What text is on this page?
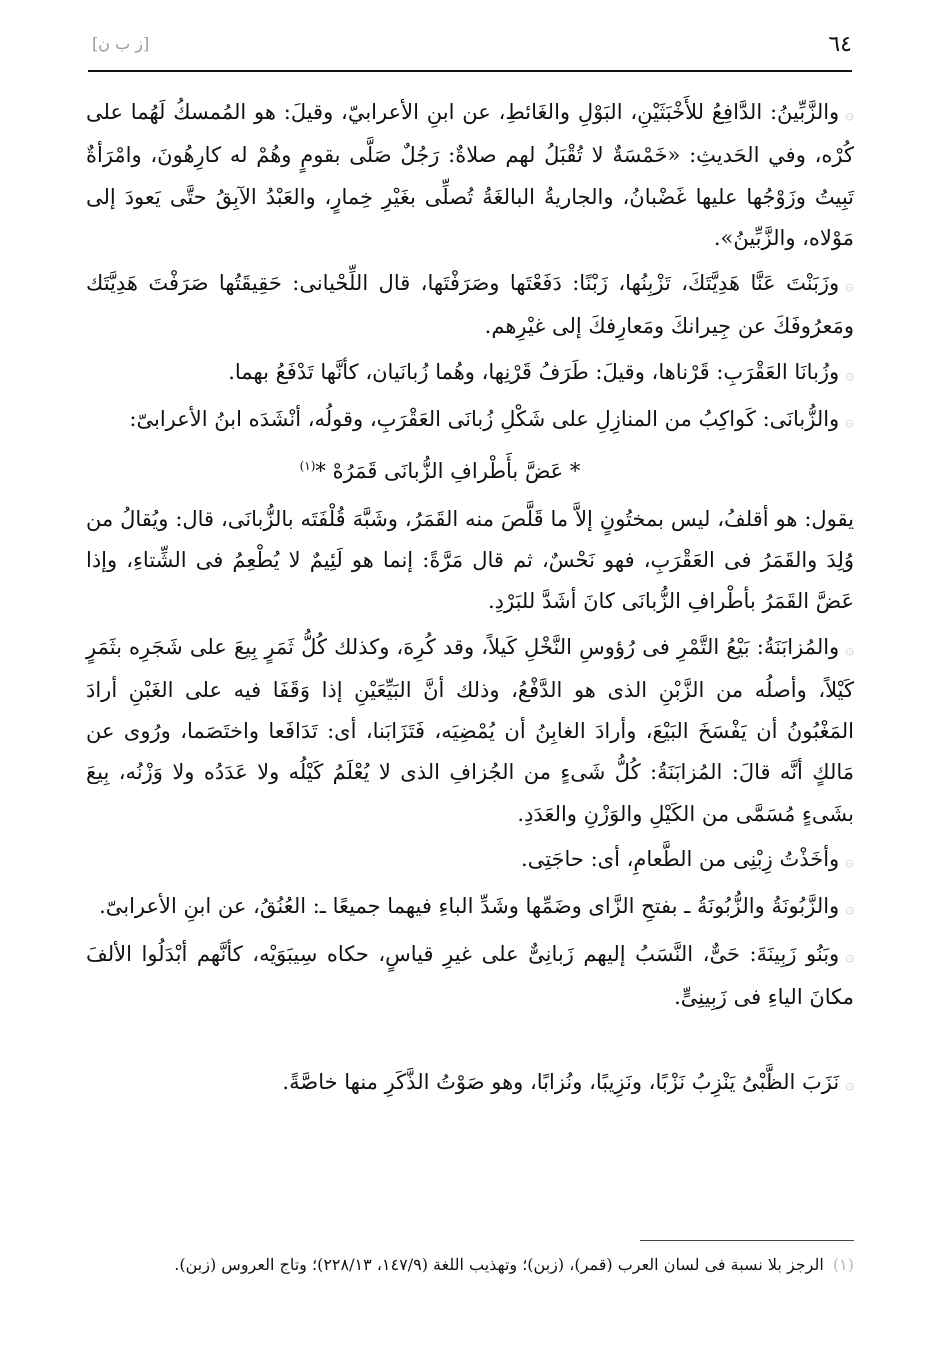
٦٤
[ز ب ن]

۞والزَّبِّينُ: الدَّافِعُ للأَخْبَثَيْنِ، البَوْلِ والغَائطِ، عن ابنِ الأعرابيّ، وقيلَ: هو المُمسكُ لَهُما على كُرْه، وفي الحَديثِ: «خَمْسَةٌ لا تُقْبَلُ لهم صلاةٌ: رَجُلٌ صَلَّى بقومٍ وهُمْ له كارِهُونَ، وامْرَأةٌ تَبِيتُ وزَوْجُها عليها غَضْبانُ، والجاريةُ البالغَةُ تُصلِّى بغَيْرِ خِمارٍ، والعَبْدُ الآبِقُ حتَّى يَعودَ إلى مَوْلاه، والزَّبِّينُ».

۞وزَبَنْتَ عَنَّا هَدِيَّتَكَ، تَزْبِنُها، زَبْنًا: دَفَعْتَها وصَرَفْتَها، قال اللِّحْيانى: حَقِيقَتُها صَرَفْتَ هَدِيَّتَك ومَعرُوفَكَ عن جِيرانكَ ومَعارِفكَ إلى غيْرِهم.

۞وزُبانَا العَقْرَبِ: قَرْناها، وقيلَ: طَرَفُ قَرْنِها، وهُما زُبانَيان، كأنَّها تَدْفَعُ بهما.

۞والزُّبانَى: كَواكِبُ من المنازِلِ على شَكْلِ زُبانَى العَقْرَبِ، وقولُه، أنْشَدَه ابنُ الأعرابىّ:

* عَضَّ بأَطْرافِ الزُّبانَى قَمَرُهْ *$^{(١)}$

يقول: هو أقلفُ، ليس بمختُونٍ إلاَّ ما قَلَّصَ منه القَمَرُ، وشَبَّهَ قُلْفَتَه بالزُّبانَى، قال: ويُقالُ من وُلِدَ والقَمَرُ فى العَقْرَبِ، فهو نَحْسٌ، ثم قال مَرَّةً: إنما هو لَئِيمٌ لا يُطْعِمُ فى الشِّتاءِ، وإذا عَضَّ القَمَرُ بأطْرافِ الزُّبانَى كانَ أشَدَّ للبَرْدِ.

۞والمُزابَنَةُ: بَيْعُ التَّمْرِ فى رُؤوسِ النَّخْلِ كَيلاً، وقد كُرِهَ، وكذلك كُلُّ ثَمَرٍ بِيعَ على شَجَرِه بثَمَرٍ كَيْلاً، وأصلُه من الزَّبْنِ الذى هو الدَّفْعُ، وذلك أنَّ البَيِّعَيْنِ إذا وَقَفَا فيه على الغَبْنِ أرادَ المَغْبُونُ أن يَفْسَخَ البَيْعَ، وأرادَ الغابِنُ أن يُمْضِيَه، فَتَزَابَنا، أى: تَدَافَعا واختَصَما، ورُوى عن مَالكٍ أنَّه قالَ: المُزابَنَةُ: كُلُّ شَىءٍ من الجُزافِ الذى لا يُعْلَمُ كَيْلُه ولا عَدَدُه ولا وَزْنُه، بِيعَ بشَىءٍ مُسَمَّى من الكَيْلِ والوَزْنِ والعَدَدِ.

۞وأخَذْتُ زِبْنِى من الطَّعامِ، أى: حاجَتِى.

۞والزَّبُونَةُ والزُّبُونَةُ ـ بفتحِ الزَّاى وضَمِّها وشَدِّ الباءِ فيهما جميعًا ـ: العُنُقُ، عن ابنِ الأعرابىّ.

۞وبَنُو زَبِينَةَ: حَىٌّ، النَّسَبُ إليهم زَبانِىٌّ على غيرِ قياسٍ، حكاه سِيبَوَيْه، كأنَّهم أبْدَلُوا الألفَ مكانَ الياءِ فى زَبِينِىٍّ.

۞نَزَبَ الظَّبْىُ يَنْزِبُ نَزْبًا، ونَزِيبًا، ونُزابًا، وهو صَوْتُ الذَّكَرِ منها خاصَّةً.

(١) الرجز بلا نسبة فى لسان العرب (قمر)، (زبن)؛ وتهذيب اللغة (١٤٧/٩، ٢٢٨/١٣)؛ وتاج العروس (زبن).
